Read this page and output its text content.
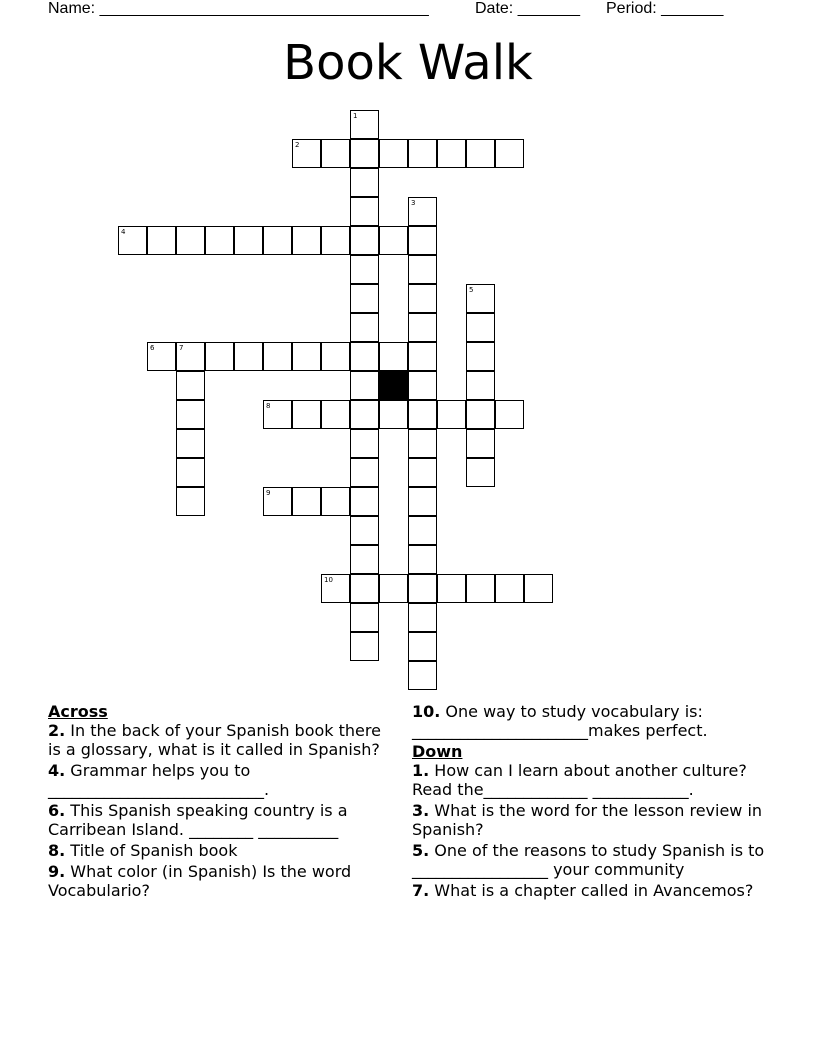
Name: _____________________________________	Date: _______ Period: _______
Book Walk
1
2
3
4
5
6	7
8
9
10
Across
2. In the back of your Spanish book there is a glossary, what is it called in Spanish?
4. Grammar helps you to ___________________________.
6. This Spanish speaking country is a Carribean Island. ________ __________
8. Title of Spanish book
9. What color (in Spanish) Is the word Vocabulario?
10. One way to study vocabulary is: ______________________makes perfect.
Down
1. How can I learn about another culture? Read the_____________ ____________.
3. What is the word for the lesson review in Spanish?
5. One of the reasons to study Spanish is to _________________ your community
7. What is a chapter called in Avancemos?
